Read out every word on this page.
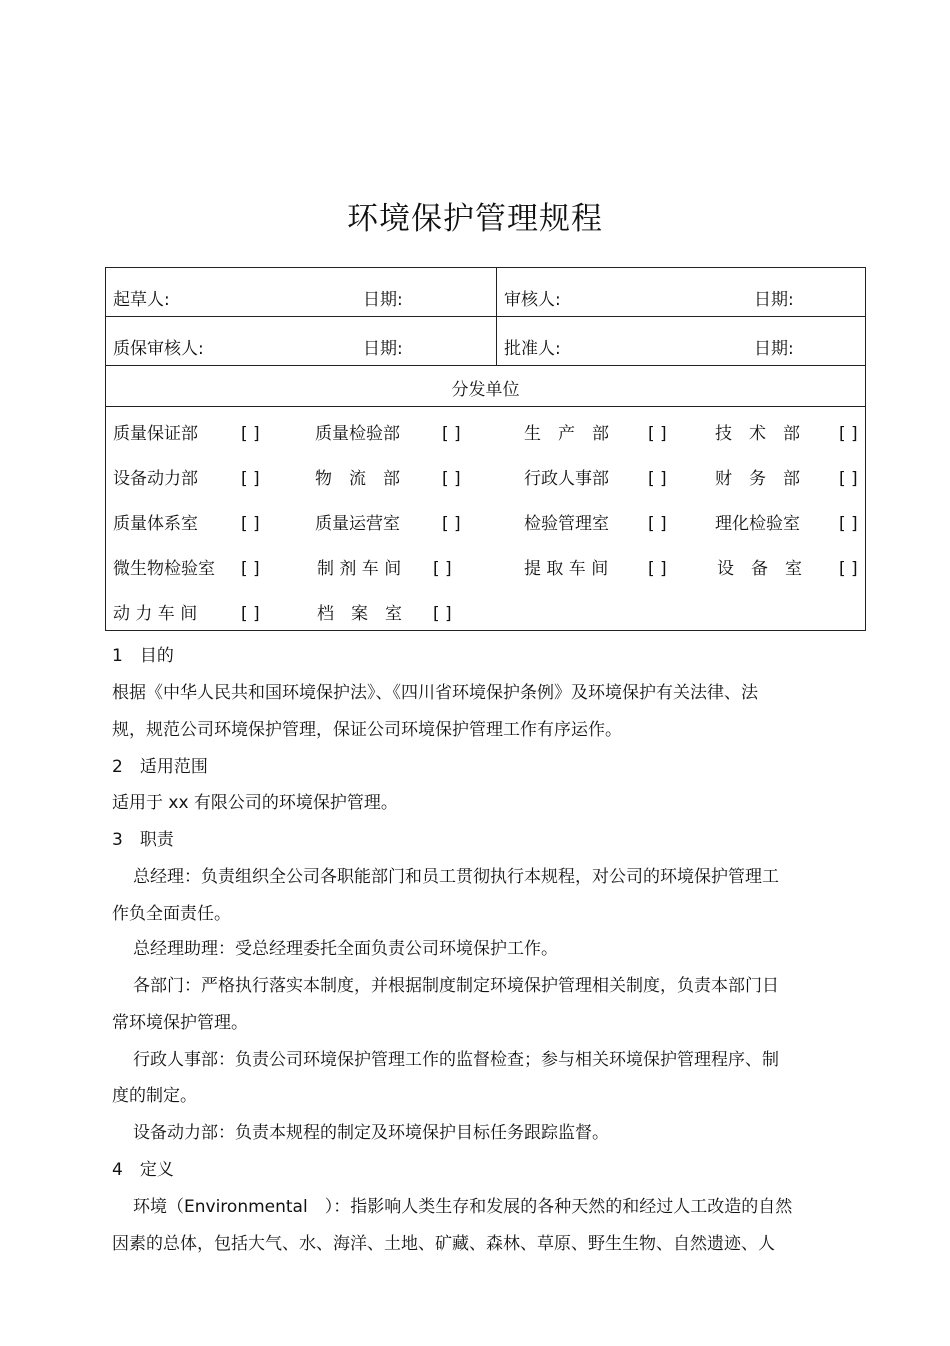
环境保护管理规程
起草人:	日期:	审核人:	日期:
质保审核人:	日期:	批准人:	日期:
分发单位
质量保证部	[ ]	质量检验部 [ ]	生　产　部 [ ]	技　术　部 [ ]
设备动力部	[ ]	物　流　部 [ ]	行政人事部 [ ]	财　务　部 [ ]
质量体系室	[ ]	质量运营室 [ ]	检验管理室 [ ]	理化检验室 [ ]
微生物检验室 [ ]	制 剂 车 间 [ ]	提 取 车 间 [ ]	设　备　室 [ ]
动 力 车 间	[ ]	档　案　室 [ ]
1　目的
根据《中华人民共和国环境保护法》、《四川省环境保护条例》及环境保护有关法律、法
规，规范公司环境保护管理，保证公司环境保护管理工作有序运作。
2　适用范围
适用于 xx 有限公司的环境保护管理。
3　职责
总经理：负责组织全公司各职能部门和员工贯彻执行本规程，对公司的环境保护管理工
作负全面责任。
总经理助理：受总经理委托全面负责公司环境保护工作。
各部门：严格执行落实本制度，并根据制度制定环境保护管理相关制度，负责本部门日
常环境保护管理。
行政人事部：负责公司环境保护管理工作的监督检查；参与相关环境保护管理程序、制
度的制定。
设备动力部：负责本规程的制定及环境保护目标任务跟踪监督。
4　定义
环境（Environmental　）：指影响人类生存和发展的各种天然的和经过人工改造的自然
因素的总体，包括大气、水、海洋、土地、矿藏、森林、草原、野生生物、自然遗迹、人
